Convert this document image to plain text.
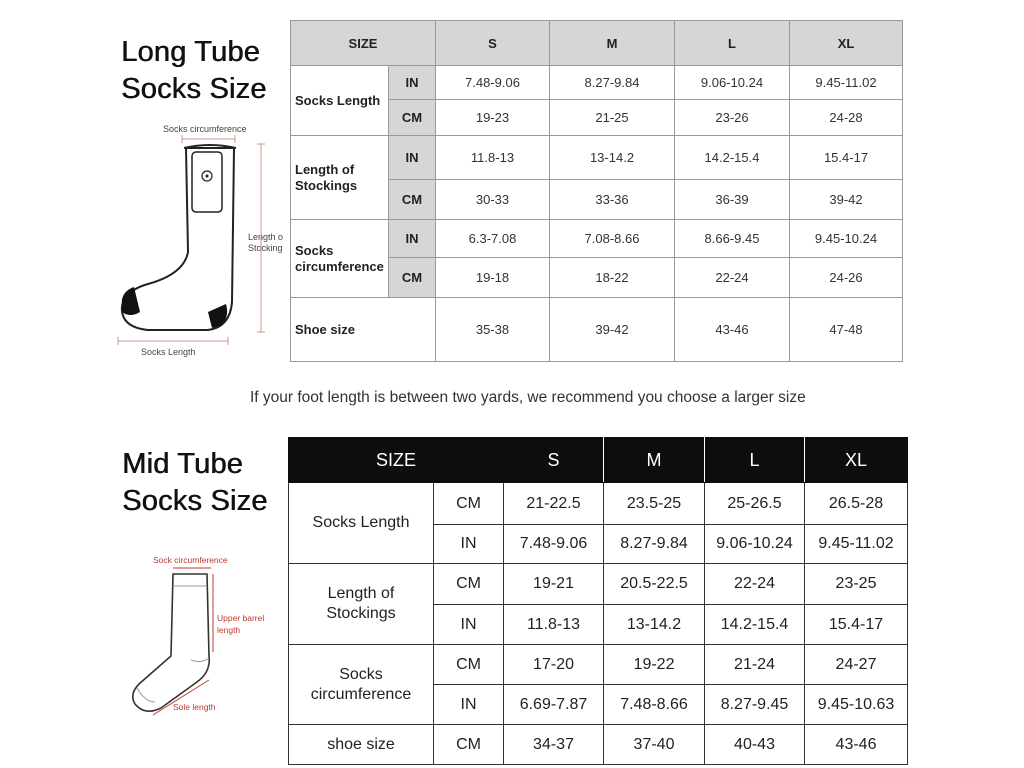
Long Tube
Socks Size
Socks circumference
Length o
Stocking
Socks Length
SIZE		S	M	L	XL
Socks Length	IN	7.48-9.06	8.27-9.84	9.06-10.24	9.45-11.02
	CM	19-23	21-25	23-26	24-28
Length of
Stockings	IN	11.8-13	13-14.2	14.2-15.4	15.4-17
	CM	30-33	33-36	36-39	39-42
Socks
circumference	IN	6.3-7.08	7.08-8.66	8.66-9.45	9.45-10.24
	CM	19-18	18-22	22-24	24-26
Shoe size		35-38	39-42	43-46	47-48
If your foot length is between two yards, we recommend you choose a larger size
Mid Tube
Socks Size
Sock circumference
Upper barrel
length
Sole length
SIZE		S	M	L	XL
Socks Length	CM	21-22.5	23.5-25	25-26.5	26.5-28
	IN	7.48-9.06	8.27-9.84	9.06-10.24	9.45-11.02
Length of
Stockings	CM	19-21	20.5-22.5	22-24	23-25
	IN	11.8-13	13-14.2	14.2-15.4	15.4-17
Socks
circumference	CM	17-20	19-22	21-24	24-27
	IN	6.69-7.87	7.48-8.66	8.27-9.45	9.45-10.63
shoe size	CM	34-37	37-40	40-43	43-46
